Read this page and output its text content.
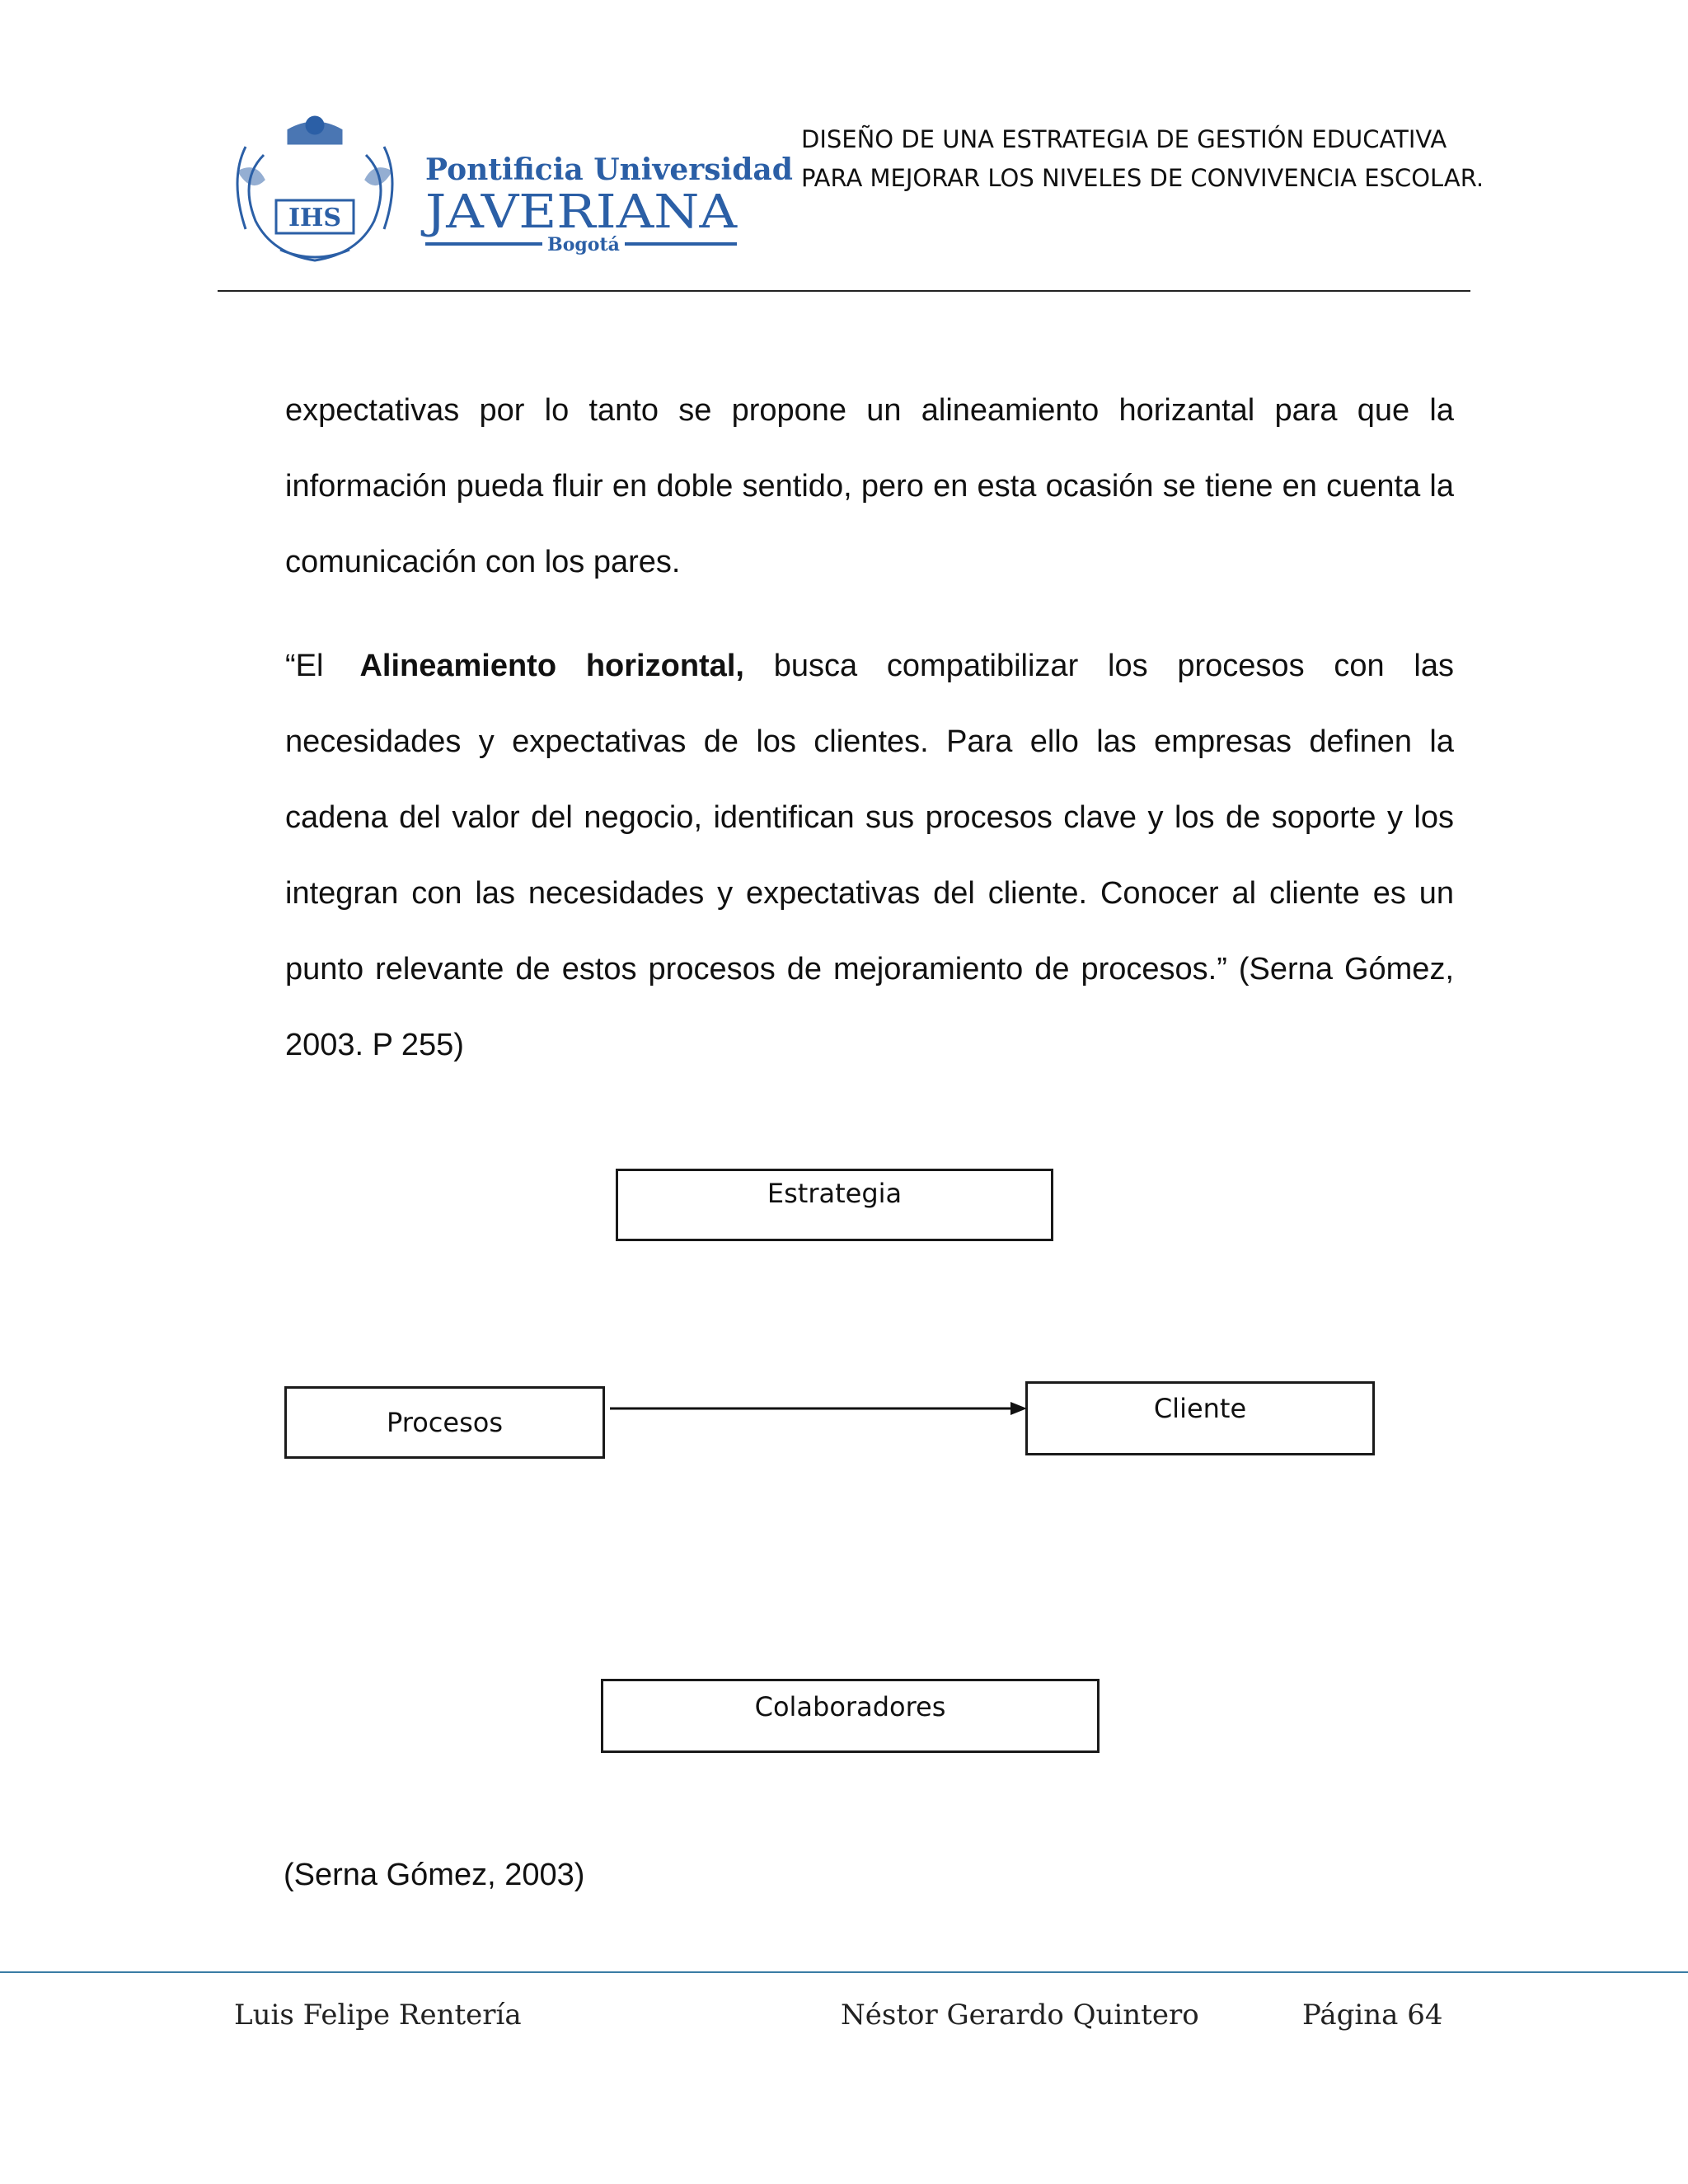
IHS
Pontificia Universidad
JAVERIANA
Bogotá
DISEÑO DE UNA ESTRATEGIA DE GESTIÓN EDUCATIVA
PARA MEJORAR LOS NIVELES DE CONVIVENCIA ESCOLAR.

expectativas por lo tanto se propone un alineamiento horizantal para que la información pueda fluir en doble sentido, pero en esta ocasión se tiene en cuenta la comunicación con los pares.

“El Alineamiento horizontal, busca compatibilizar los procesos con las necesidades y expectativas de los clientes. Para ello las empresas definen la cadena del valor del negocio, identifican sus procesos clave y los de soporte y los integran con las necesidades y expectativas del cliente. Conocer al cliente es un punto relevante de estos procesos de mejoramiento de procesos.” (Serna Gómez, 2003. P 255)

Estrategia
Procesos	Cliente
Colaboradores
(Serna Gómez, 2003)
Luis Felipe Rentería	Néstor Gerardo Quintero	Página 64
